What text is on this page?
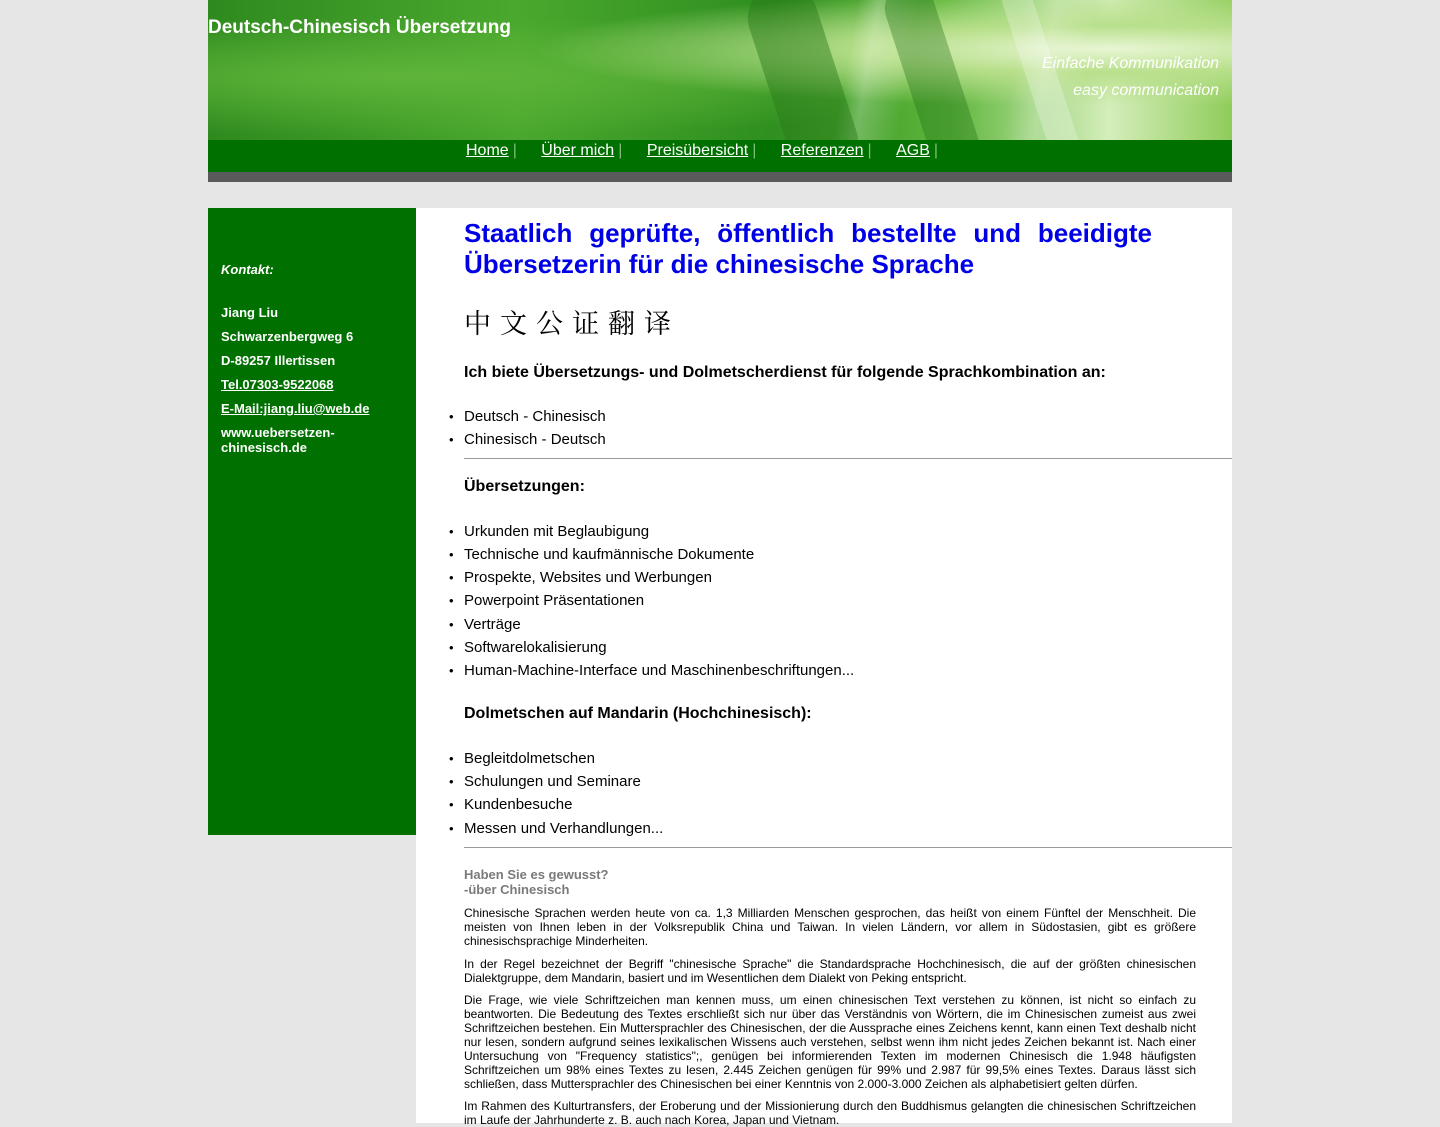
Deutsch-Chinesisch Übersetzung
Einfache Kommunikation
easy communication
Home | Über mich | Preisübersicht | Referenzen | AGB |
Kontakt:
Jiang Liu
Schwarzenbergweg 6
D-89257 Illertissen
Tel.07303-9522068
E-Mail:jiang.liu@web.de
www.uebersetzen-chinesisch.de
Staatlich geprüfte, öffentlich bestellte und beeidigte Übersetzerin für die chinesische Sprache
中文公证翻译
Ich biete Übersetzungs- und Dolmetscherdienst für folgende Sprachkombination an:
• Deutsch - Chinesisch
• Chinesisch - Deutsch
Übersetzungen:
• Urkunden mit Beglaubigung
• Technische und kaufmännische Dokumente
• Prospekte, Websites und Werbungen
• Powerpoint Präsentationen
• Verträge
• Softwarelokalisierung
• Human-Machine-Interface und Maschinenbeschriftungen...
Dolmetschen auf Mandarin (Hochchinesisch):
• Begleitdolmetschen
• Schulungen und Seminare
• Kundenbesuche
• Messen und Verhandlungen...
Haben Sie es gewusst?
-über Chinesisch

Chinesische Sprachen werden heute von ca. 1,3 Milliarden Menschen gesprochen, das heißt von einem Fünftel der Menschheit. Die meisten von Ihnen leben in der Volksrepublik China und Taiwan. In vielen Ländern, vor allem in Südostasien, gibt es größere chinesischsprachige Minderheiten.

In der Regel bezeichnet der Begriff "chinesische Sprache" die Standardsprache Hochchinesisch, die auf der größten chinesischen Dialektgruppe, dem Mandarin, basiert und im Wesentlichen dem Dialekt von Peking entspricht.

Die Frage, wie viele Schriftzeichen man kennen muss, um einen chinesischen Text verstehen zu können, ist nicht so einfach zu beantworten. Die Bedeutung des Textes erschließt sich nur über das Verständnis von Wörtern, die im Chinesischen zumeist aus zwei Schriftzeichen bestehen. Ein Muttersprachler des Chinesischen, der die Aussprache eines Zeichens kennt, kann einen Text deshalb nicht nur lesen, sondern aufgrund seines lexikalischen Wissens auch verstehen, selbst wenn ihm nicht jedes Zeichen bekannt ist. Nach einer Untersuchung von "Frequency statistics";, genügen bei informierenden Texten im modernen Chinesisch die 1.948 häufigsten Schriftzeichen um 98% eines Textes zu lesen, 2.445 Zeichen genügen für 99% und 2.987 für 99,5% eines Textes. Daraus lässt sich schließen, dass Muttersprachler des Chinesischen bei einer Kenntnis von 2.000-3.000 Zeichen als alphabetisiert gelten dürfen.

Im Rahmen des Kulturtransfers, der Eroberung und der Missionierung durch den Buddhismus gelangten die chinesischen Schriftzeichen im Laufe der Jahrhunderte z. B. auch nach Korea, Japan und Vietnam.
